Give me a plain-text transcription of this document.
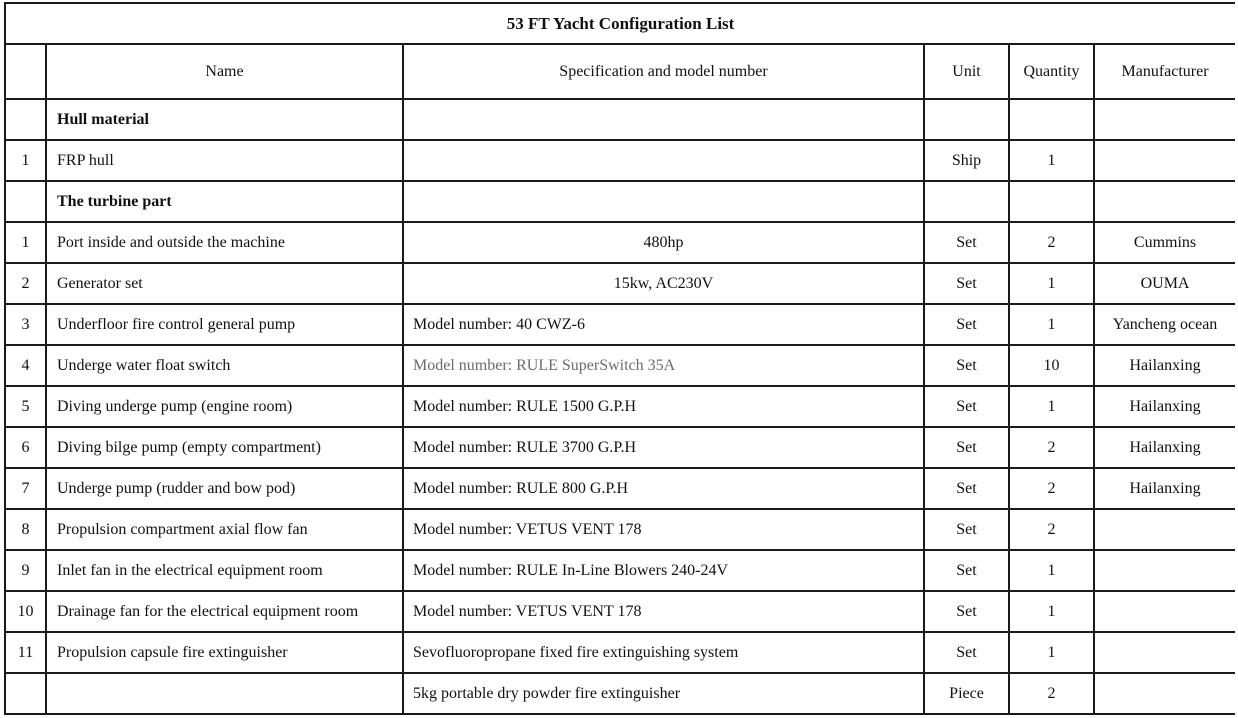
53 FT Yacht Configuration List					
	Name	Specification and model number	Unit	Quantity	Manufacturer
	Hull material				
1	FRP hull		Ship	1	
	The turbine part				
1	Port inside and outside the machine	480hp	Set	2	Cummins
2	Generator set	15kw, AC230V	Set	1	OUMA
3	Underfloor fire control general pump	Model number: 40 CWZ-6	Set	1	Yancheng ocean
4	Underge water float switch	Model number: RULE SuperSwitch 35A	Set	10	Hailanxing
5	Diving underge pump (engine room)	Model number: RULE 1500 G.P.H	Set	1	Hailanxing
6	Diving bilge pump (empty compartment)	Model number: RULE 3700 G.P.H	Set	2	Hailanxing
7	Underge pump (rudder and bow pod)	Model number: RULE 800 G.P.H	Set	2	Hailanxing
8	Propulsion compartment axial flow fan	Model number: VETUS VENT 178	Set	2	
9	Inlet fan in the electrical equipment room	Model number: RULE In-Line Blowers 240-24V	Set	1	
10	Drainage fan for the electrical equipment room	Model number: VETUS VENT 178	Set	1	
11	Propulsion capsule fire extinguisher	Sevofluoropropane fixed fire extinguishing system	Set	1	
		5kg portable dry powder fire extinguisher	Piece	2	
